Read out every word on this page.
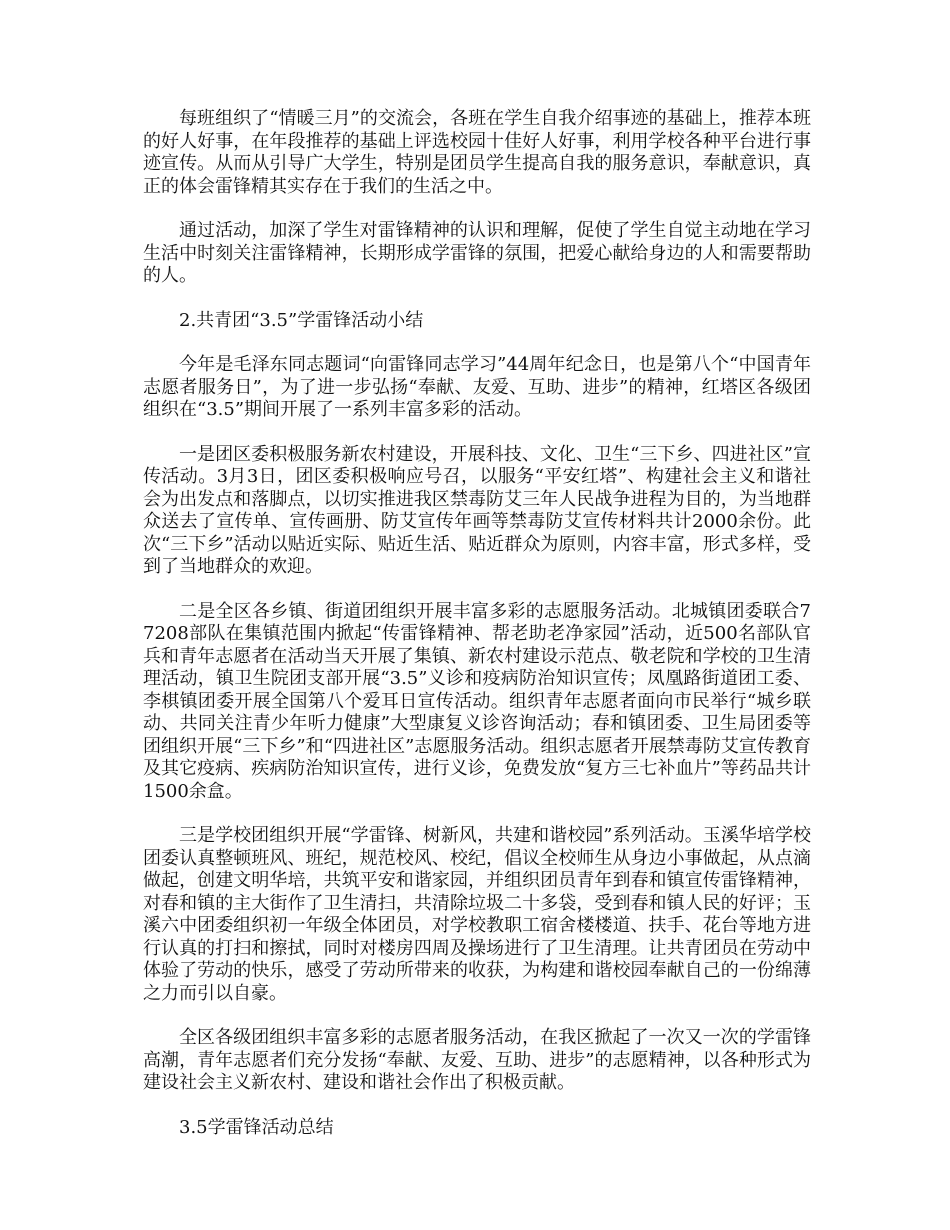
每班组织了“情暖三月”的交流会，各班在学生自我介绍事迹的基础上，推荐本班的好人好事，在年段推荐的基础上评选校园十佳好人好事，利用学校各种平台进行事迹宣传。从而从引导广大学生，特别是团员学生提高自我的服务意识，奉献意识，真正的体会雷锋精其实存在于我们的生活之中。

通过活动，加深了学生对雷锋精神的认识和理解，促使了学生自觉主动地在学习生活中时刻关注雷锋精神，长期形成学雷锋的氛围，把爱心献给身边的人和需要帮助的人。

2.共青团“3.5”学雷锋活动小结

今年是毛泽东同志题词“向雷锋同志学习”44周年纪念日，也是第八个“中国青年志愿者服务日”，为了进一步弘扬“奉献、友爱、互助、进步”的精神，红塔区各级团组织在“3.5”期间开展了一系列丰富多彩的活动。

一是团区委积极服务新农村建设，开展科技、文化、卫生“三下乡、四进社区”宣传活动。3月3日，团区委积极响应号召，以服务“平安红塔”、构建社会主义和谐社会为出发点和落脚点，以切实推进我区禁毒防艾三年人民战争进程为目的，为当地群众送去了宣传单、宣传画册、防艾宣传年画等禁毒防艾宣传材料共计2000余份。此次“三下乡”活动以贴近实际、贴近生活、贴近群众为原则，内容丰富，形式多样，受到了当地群众的欢迎。

二是全区各乡镇、街道团组织开展丰富多彩的志愿服务活动。北城镇团委联合77208部队在集镇范围内掀起“传雷锋精神、帮老助老净家园”活动，近500名部队官兵和青年志愿者在活动当天开展了集镇、新农村建设示范点、敬老院和学校的卫生清理活动，镇卫生院团支部开展“3.5”义诊和疫病防治知识宣传；凤凰路街道团工委、李棋镇团委开展全国第八个爱耳日宣传活动。组织青年志愿者面向市民举行“城乡联动、共同关注青少年听力健康”大型康复义诊咨询活动；春和镇团委、卫生局团委等团组织开展“三下乡”和“四进社区”志愿服务活动。组织志愿者开展禁毒防艾宣传教育及其它疫病、疾病防治知识宣传，进行义诊，免费发放“复方三七补血片”等药品共计1500余盒。

三是学校团组织开展“学雷锋、树新风，共建和谐校园”系列活动。玉溪华培学校团委认真整顿班风、班纪，规范校风、校纪，倡议全校师生从身边小事做起，从点滴做起，创建文明华培，共筑平安和谐家园，并组织团员青年到春和镇宣传雷锋精神，对春和镇的主大街作了卫生清扫，共清除垃圾二十多袋，受到春和镇人民的好评；玉溪六中团委组织初一年级全体团员，对学校教职工宿舍楼楼道、扶手、花台等地方进行认真的打扫和擦拭，同时对楼房四周及操场进行了卫生清理。让共青团员在劳动中体验了劳动的快乐，感受了劳动所带来的收获，为构建和谐校园奉献自己的一份绵薄之力而引以自豪。

全区各级团组织丰富多彩的志愿者服务活动，在我区掀起了一次又一次的学雷锋高潮，青年志愿者们充分发扬“奉献、友爱、互助、进步”的志愿精神，以各种形式为建设社会主义新农村、建设和谐社会作出了积极贡献。

3.5学雷锋活动总结
